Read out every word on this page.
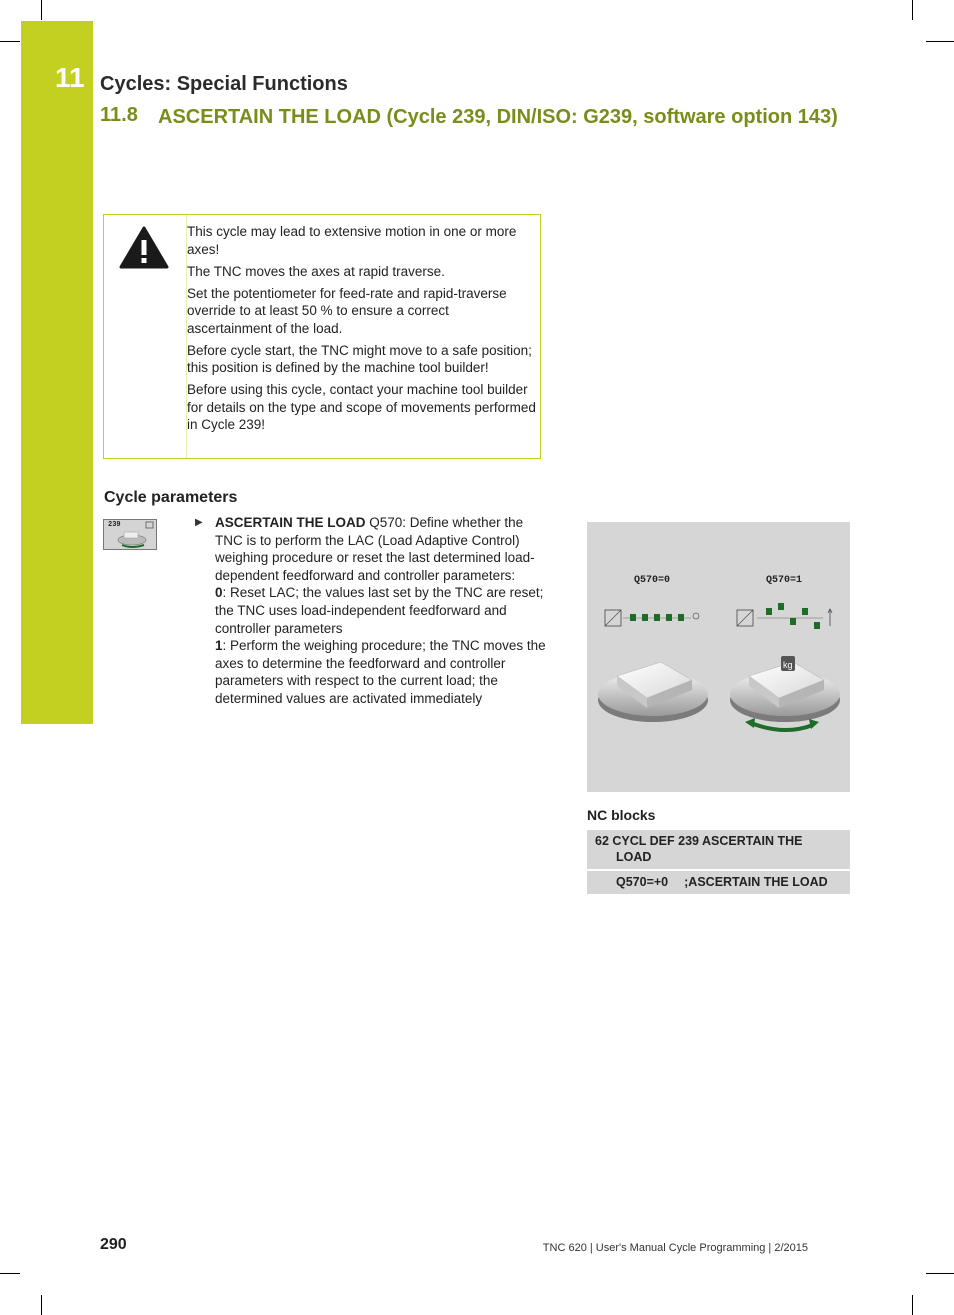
11 Cycles: Special Functions
11.8 ASCERTAIN THE LOAD (Cycle 239, DIN/ISO: G239, software option 143)

This cycle may lead to extensive motion in one or more axes!

The TNC moves the axes at rapid traverse.

Set the potentiometer for feed-rate and rapid-traverse override to at least 50 % to ensure a correct ascertainment of the load.

Before cycle start, the TNC might move to a safe position; this position is defined by the machine tool builder!

Before using this cycle, contact your machine tool builder for details on the type and scope of movements performed in Cycle 239!

Cycle parameters
239	▶ ASCERTAIN THE LOAD Q570: Define whether the TNC is to perform the LAC (Load Adaptive Control) weighing procedure or reset the last determined load-dependent feedforward and controller parameters:
0: Reset LAC; the values last set by the TNC are reset; the TNC uses load-independent feedforward and controller parameters
1: Perform the weighing procedure; the TNC moves the axes to determine the feedforward and controller parameters with respect to the current load; the determined values are activated immediately
Q570=0	Q570=1
kg
NC blocks
62 CYCL DEF 239 ASCERTAIN THE
LOAD
Q570=+0 ;ASCERTAIN THE LOAD
290	TNC 620 | User's Manual Cycle Programming | 2/2015
